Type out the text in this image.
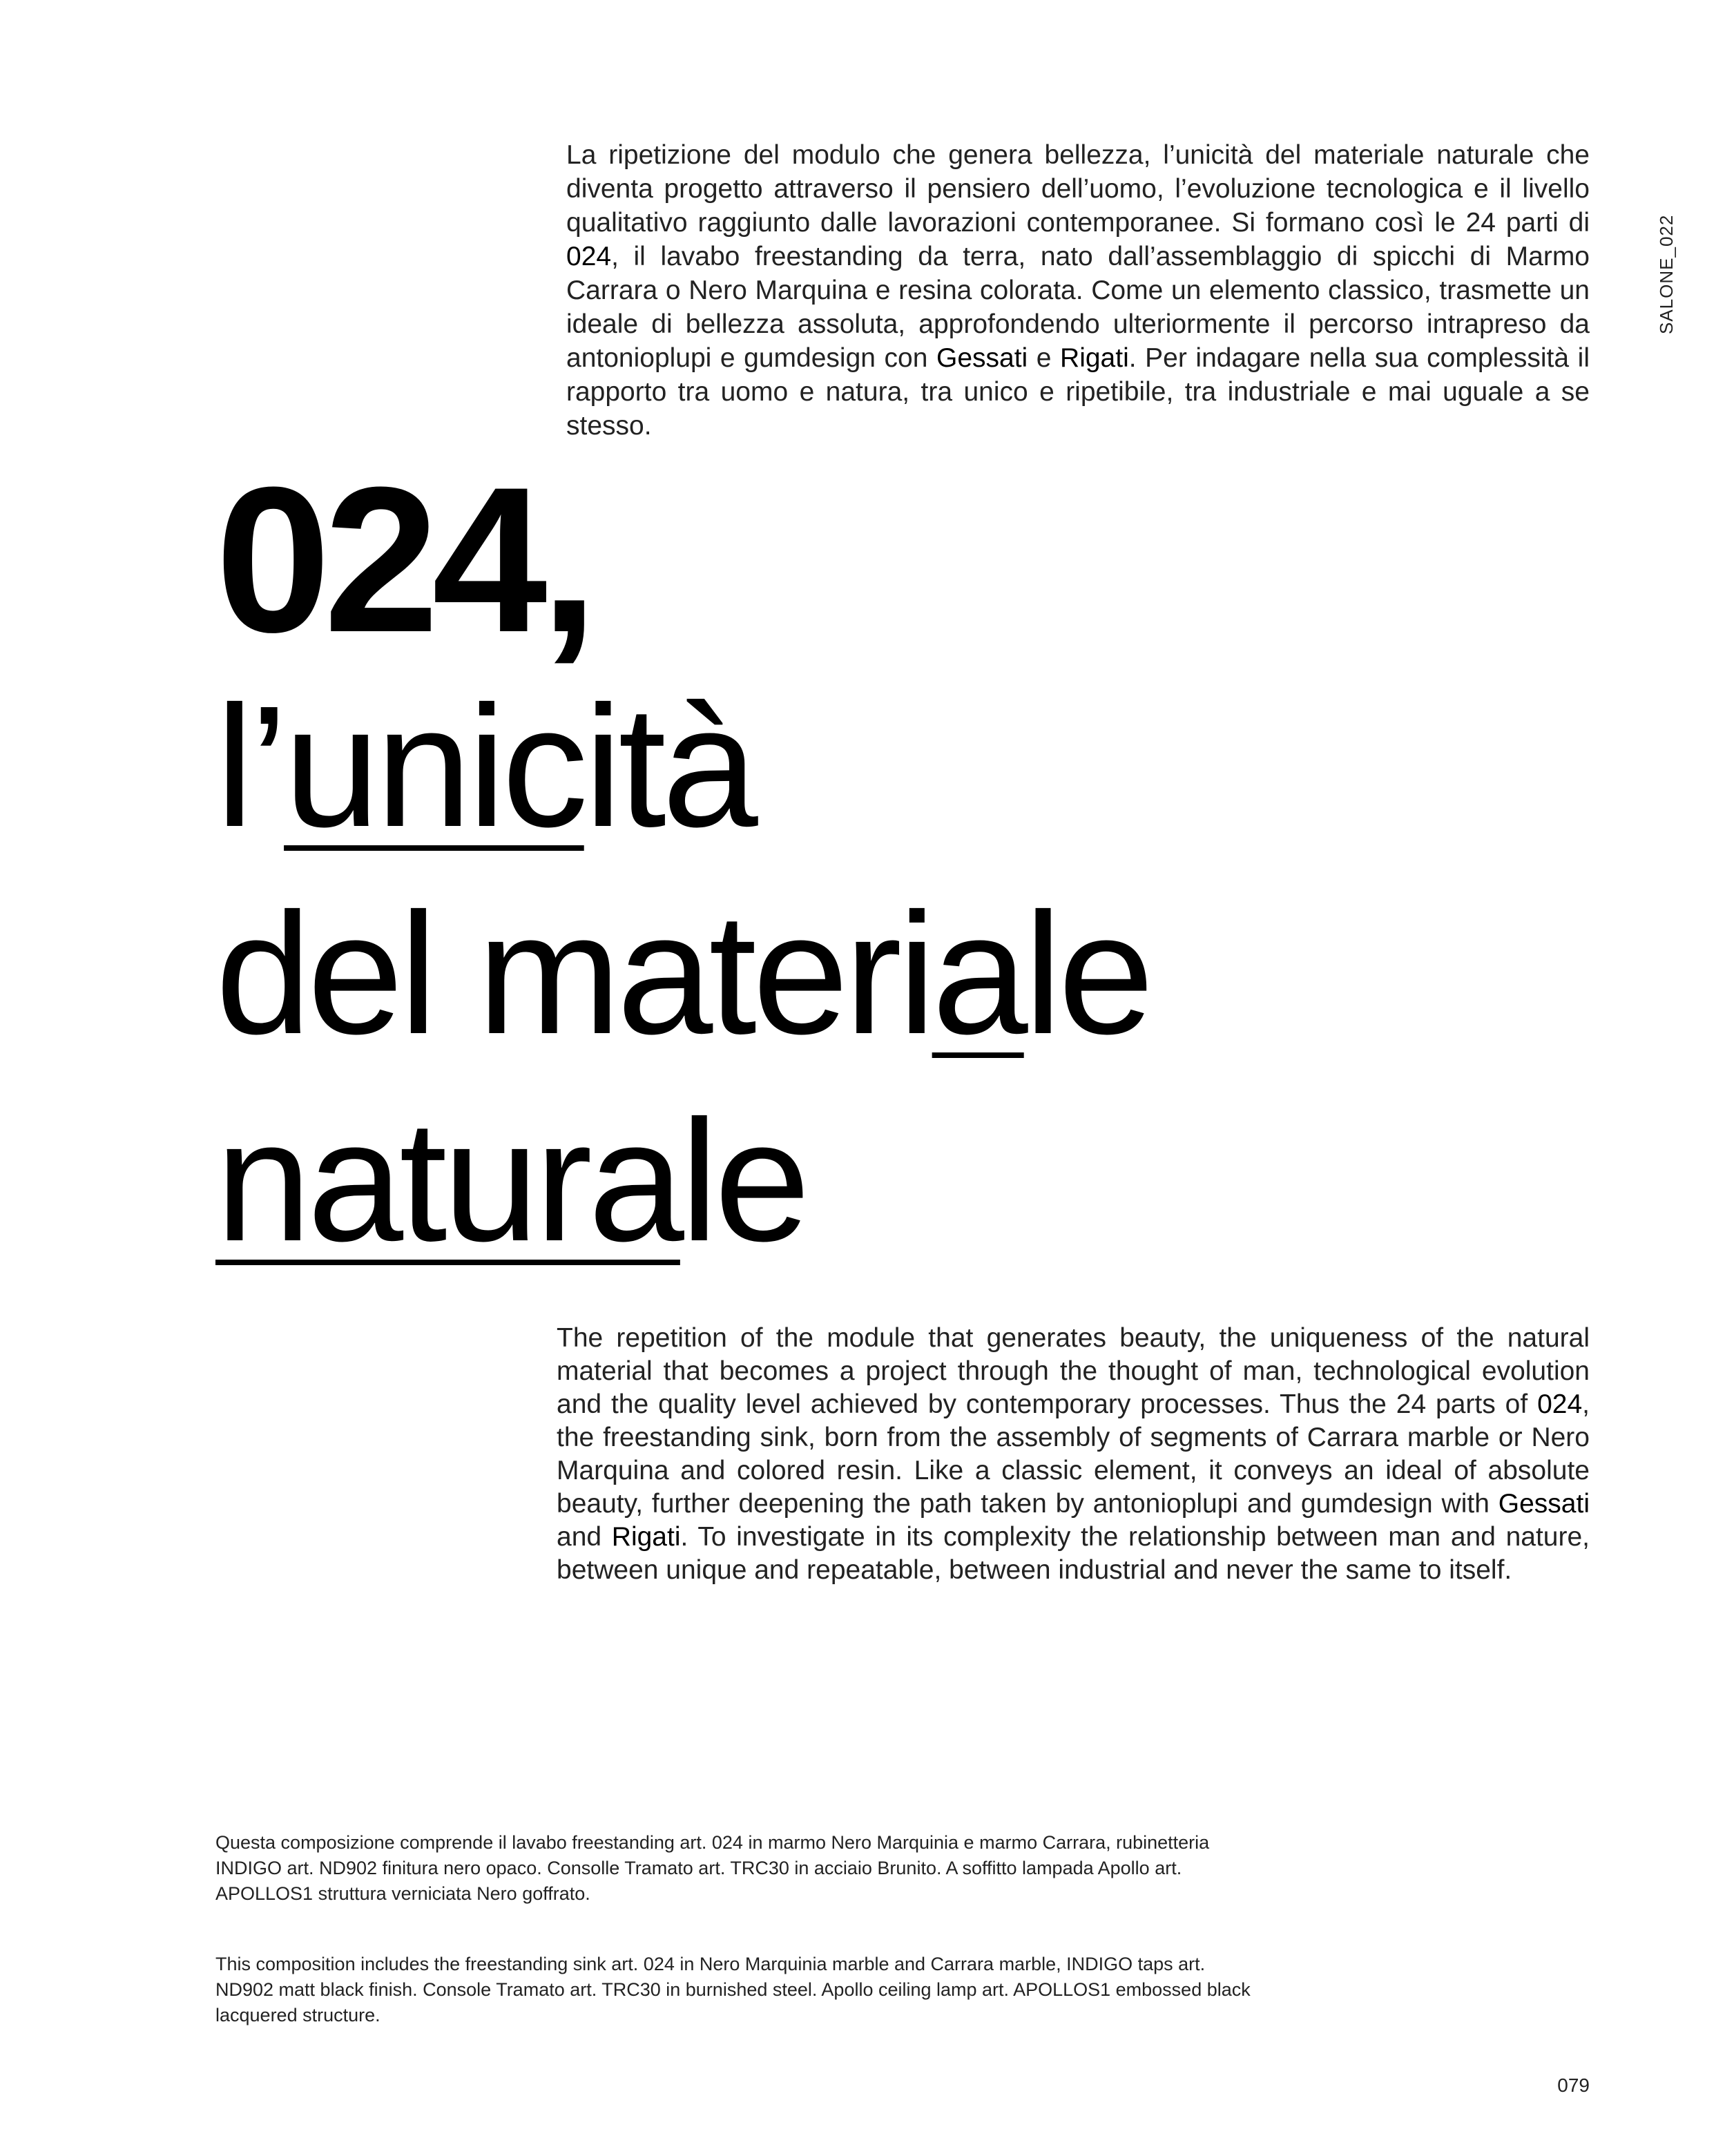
SALONE_022

La ripetizione del modulo che genera bellezza, l’unicità del materiale naturale che diventa progetto attraverso il pensiero dell’uomo, l’evoluzione tecnologica e il livello qualitativo raggiunto dalle lavorazioni contemporanee. Si formano così le 24 parti di 024, il lavabo freestanding da terra, nato dall’assemblaggio di spicchi di Marmo Carrara o Nero Marquina e resina colorata. Come un elemento classico, trasmette un ideale di bellezza assoluta, approfondendo ulteriormente il percorso intrapreso da antonioplupi e gumdesign con Gessati e Rigati. Per indagare nella sua complessità il rapporto tra uomo e natura, tra unico e ripetibile, tra industriale e mai uguale a se stesso.

024,
l’unicità
del materiale
naturale

The repetition of the module that generates beauty, the uniqueness of the natural material that becomes a project through the thought of man, technological evolution and the quality level achieved by contemporary processes. Thus the 24 parts of 024, the freestanding sink, born from the assembly of segments of Carrara marble or Nero Marquina and colored resin. Like a classic element, it conveys an ideal of absolute beauty, further deepening the path taken by antonioplupi and gumdesign with Gessati and Rigati. To investigate in its complexity the relationship between man and nature, between unique and repeatable, between industrial and never the same to itself.

Questa composizione comprende il lavabo freestanding art. 024 in marmo Nero Marquinia e marmo Carrara, rubinetteria INDIGO art. ND902 finitura nero opaco. Consolle Tramato art. TRC30 in acciaio Brunito. A soffitto lampada Apollo art. APOLLOS1 struttura verniciata Nero goffrato.
This composition includes the freestanding sink art. 024 in Nero Marquinia marble and Carrara marble, INDIGO taps art. ND902 matt black finish. Console Tramato art. TRC30 in burnished steel. Apollo ceiling lamp art. APOLLOS1 embossed black lacquered structure.
079
